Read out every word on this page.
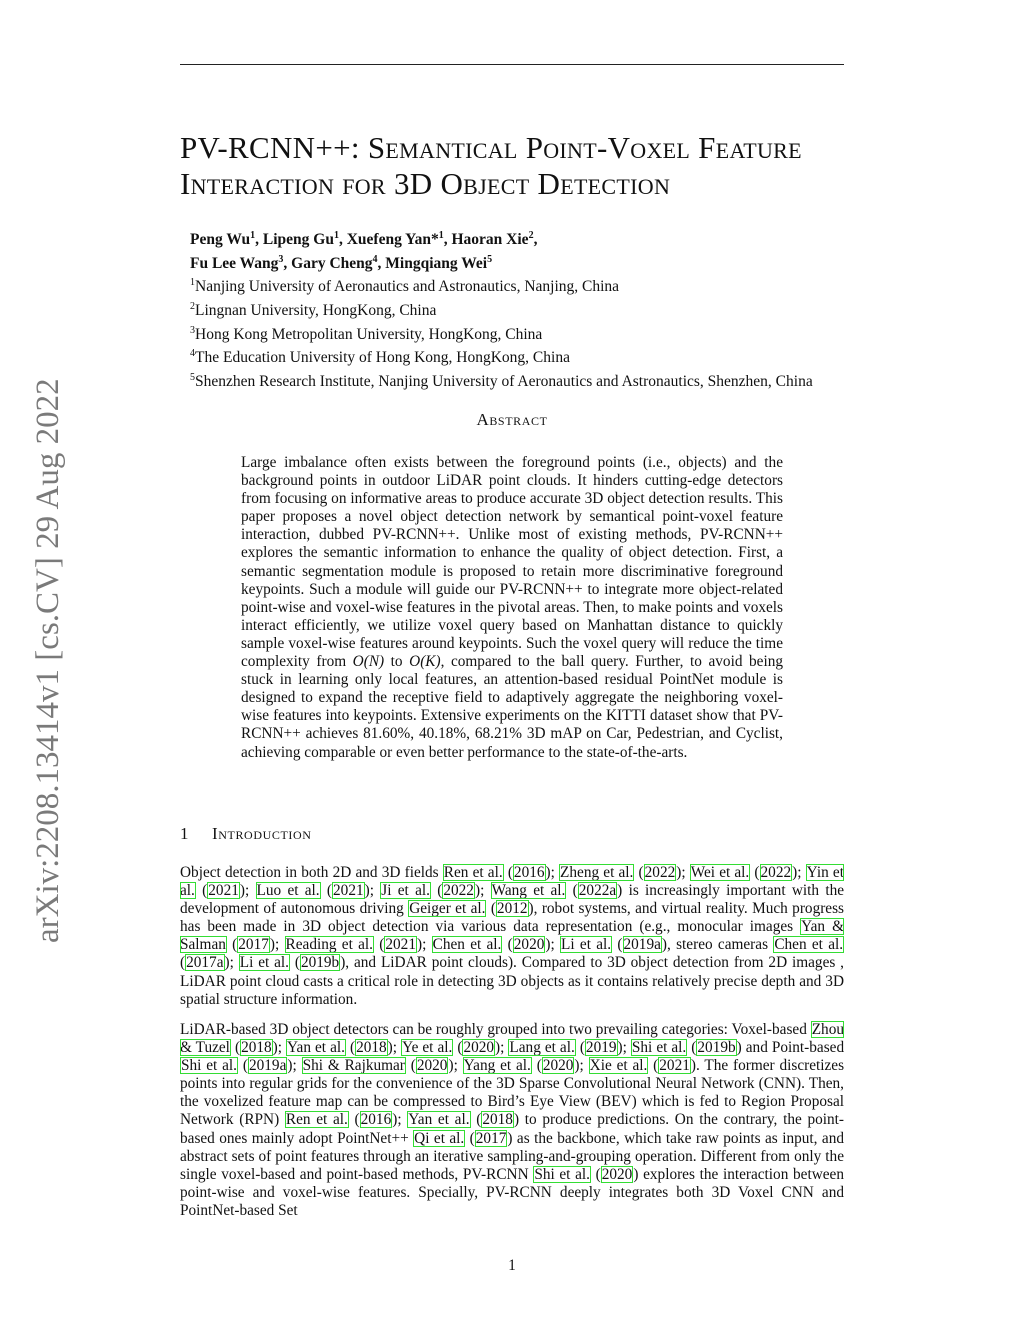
arXiv:2208.13414v1 [cs.CV] 29 Aug 2022
PV-RCNN++: Semantical Point-Voxel Feature
Interaction for 3D Object Detection
Peng Wu$^1$, Lipeng Gu$^1$, Xuefeng Yan*$^1$, Haoran Xie$^2$,
Fu Lee Wang$^3$, Gary Cheng$^4$, Mingqiang Wei$^5$
$^1$Nanjing University of Aeronautics and Astronautics, Nanjing, China
$^2$Lingnan University, HongKong, China
$^3$Hong Kong Metropolitan University, HongKong, China
$^4$The Education University of Hong Kong, HongKong, China
$^5$Shenzhen Research Institute, Nanjing University of Aeronautics and Astronautics, Shenzhen, China
Abstract
Large imbalance often exists between the foreground points (i.e., objects) and the background points in outdoor LiDAR point clouds. It hinders cutting-edge detectors from focusing on informative areas to produce accurate 3D object detection results. This paper proposes a novel object detection network by semantical point-voxel feature interaction, dubbed PV-RCNN++. Unlike most of existing methods, PV-RCNN++ explores the semantic information to enhance the quality of object detection. First, a semantic segmentation module is proposed to retain more discriminative foreground keypoints. Such a module will guide our PV-RCNN++ to integrate more object-related point-wise and voxel-wise features in the pivotal areas. Then, to make points and voxels interact efficiently, we utilize voxel query based on Manhattan distance to quickly sample voxel-wise features around keypoints. Such the voxel query will reduce the time complexity from O(N) to O(K), compared to the ball query. Further, to avoid being stuck in learning only local features, an attention-based residual PointNet module is designed to expand the receptive field to adaptively aggregate the neighboring voxel-wise features into keypoints. Extensive experiments on the KITTI dataset show that PV-RCNN++ achieves 81.60%, 40.18%, 68.21% 3D mAP on Car, Pedestrian, and Cyclist, achieving comparable or even better performance to the state-of-the-arts.
1 Introduction
Object detection in both 2D and 3D fields Ren et al. (2016); Zheng et al. (2022); Wei et al. (2022); Yin et al. (2021); Luo et al. (2021); Ji et al. (2022); Wang et al. (2022a) is increasingly important with the development of autonomous driving Geiger et al. (2012), robot systems, and virtual reality. Much progress has been made in 3D object detection via various data representation (e.g., monocular images Yan & Salman (2017); Reading et al. (2021); Chen et al. (2020); Li et al. (2019a), stereo cameras Chen et al. (2017a); Li et al. (2019b), and LiDAR point clouds). Compared to 3D object detection from 2D images , LiDAR point cloud casts a critical role in detecting 3D objects as it contains relatively precise depth and 3D spatial structure information.
LiDAR-based 3D object detectors can be roughly grouped into two prevailing categories: Voxel-based Zhou & Tuzel (2018); Yan et al. (2018); Ye et al. (2020); Lang et al. (2019); Shi et al. (2019b) and Point-based Shi et al. (2019a); Shi & Rajkumar (2020); Yang et al. (2020); Xie et al. (2021). The former discretizes points into regular grids for the convenience of the 3D Sparse Convolutional Neural Network (CNN). Then, the voxelized feature map can be compressed to Bird’s Eye View (BEV) which is fed to Region Proposal Network (RPN) Ren et al. (2016); Yan et al. (2018) to produce predictions. On the contrary, the point-based ones mainly adopt PointNet++ Qi et al. (2017) as the backbone, which take raw points as input, and abstract sets of point features through an iterative sampling-and-grouping operation. Different from only the single voxel-based and point-based methods, PV-RCNN Shi et al. (2020) explores the interaction between point-wise and voxel-wise features. Specially, PV-RCNN deeply integrates both 3D Voxel CNN and PointNet-based Set
1
